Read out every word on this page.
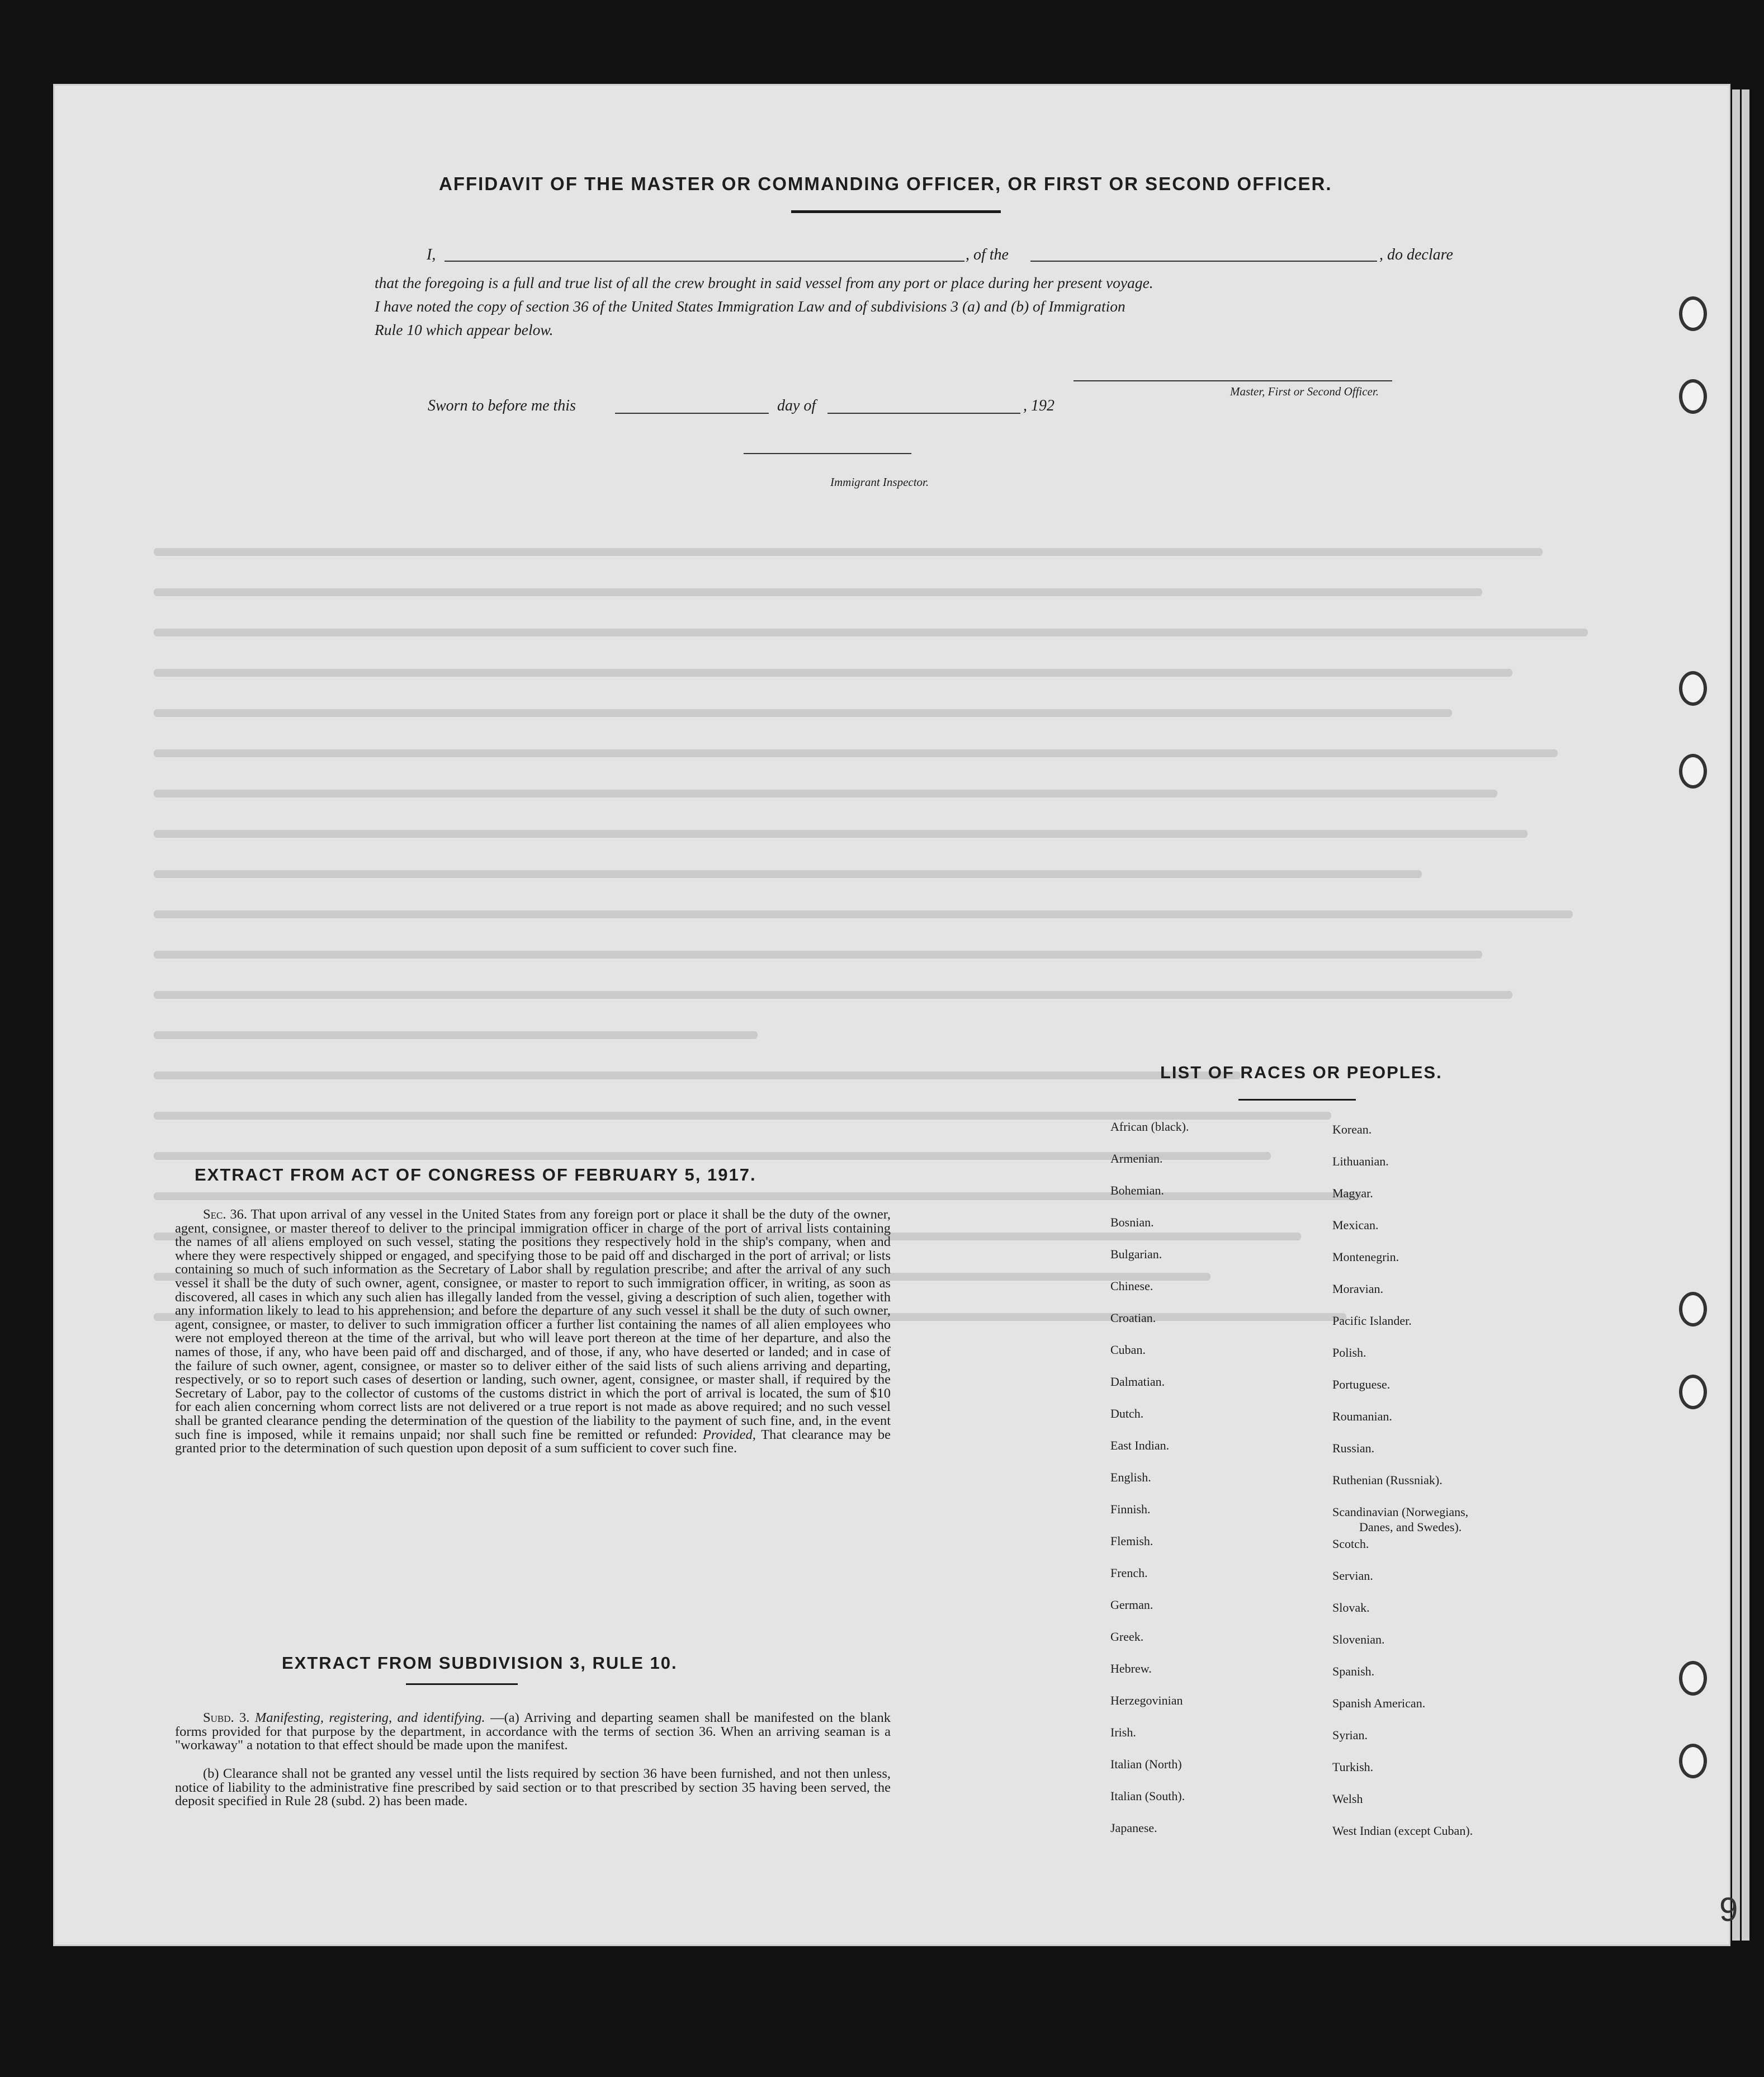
AFFIDAVIT OF THE MASTER OR COMMANDING OFFICER, OR FIRST OR SECOND OFFICER.
I,	, of the	, do declare
that the foregoing is a full and true list of all the crew brought in said vessel from any port or place during her present voyage.
I have noted the copy of section 36 of the United States Immigration Law and of subdivisions 3 (a) and (b) of Immigration
Rule 10 which appear below.
Master, First or Second Officer.
Sworn to before me this	day of	, 192
Immigrant Inspector.
EXTRACT FROM ACT OF CONGRESS OF FEBRUARY 5, 1917.
Sec. 36. That upon arrival of any vessel in the United States from any foreign port or place it shall be the duty of the owner, agent, consignee, or master thereof to deliver to the principal immigration officer in charge of the port of arrival lists containing the names of all aliens employed on such vessel, stating the positions they respectively hold in the ship's company, when and where they were respectively shipped or engaged, and specifying those to be paid off and discharged in the port of arrival; or lists containing so much of such information as the Secretary of Labor shall by regulation prescribe; and after the arrival of any such vessel it shall be the duty of such owner, agent, consignee, or master to report to such immigration officer, in writing, as soon as discovered, all cases in which any such alien has illegally landed from the vessel, giving a description of such alien, together with any information likely to lead to his apprehension; and before the departure of any such vessel it shall be the duty of such owner, agent, consignee, or master, to deliver to such immigration officer a further list containing the names of all alien employees who were not employed thereon at the time of the arrival, but who will leave port thereon at the time of her departure, and also the names of those, if any, who have been paid off and discharged, and of those, if any, who have deserted or landed; and in case of the failure of such owner, agent, consignee, or master so to deliver either of the said lists of such aliens arriving and departing, respectively, or so to report such cases of desertion or landing, such owner, agent, consignee, or master shall, if required by the Secretary of Labor, pay to the collector of customs of the customs district in which the port of arrival is located, the sum of $10 for each alien concerning whom correct lists are not delivered or a true report is not made as above required; and no such vessel shall be granted clearance pending the determination of the question of the liability to the payment of such fine, and, in the event such fine is imposed, while it remains unpaid; nor shall such fine be remitted or refunded: Provided, That clearance may be granted prior to the determination of such question upon deposit of a sum sufficient to cover such fine.
EXTRACT FROM SUBDIVISION 3, RULE 10.
Subd. 3. Manifesting, registering, and identifying. —(a) Arriving and departing seamen shall be manifested on the blank forms provided for that purpose by the department, in accordance with the terms of section 36. When an arriving seaman is a "workaway" a notation to that effect should be made upon the manifest.
(b) Clearance shall not be granted any vessel until the lists required by section 36 have been furnished, and not then unless, notice of liability to the administrative fine prescribed by said section or to that prescribed by section 35 having been served, the deposit specified in Rule 28 (subd. 2) has been made.
LIST OF RACES OR PEOPLES.
African (black).
Armenian.
Bohemian.
Bosnian.
Bulgarian.
Chinese.
Croatian.
Cuban.
Dalmatian.
Dutch.
East Indian.
English.
Finnish.
Flemish.
French.
German.
Greek.
Hebrew.
Herzegovinian
Irish.
Italian (North)
Italian (South).
Japanese.
Korean.
Lithuanian.
Magyar.
Mexican.
Montenegrin.
Moravian.
Pacific Islander.
Polish.
Portuguese.
Roumanian.
Russian.
Ruthenian (Russniak).
Scandinavian (Norwegians,
Danes, and Swedes).
Scotch.
Servian.
Slovak.
Slovenian.
Spanish.
Spanish American.
Syrian.
Turkish.
Welsh
West Indian (except Cuban).
9
